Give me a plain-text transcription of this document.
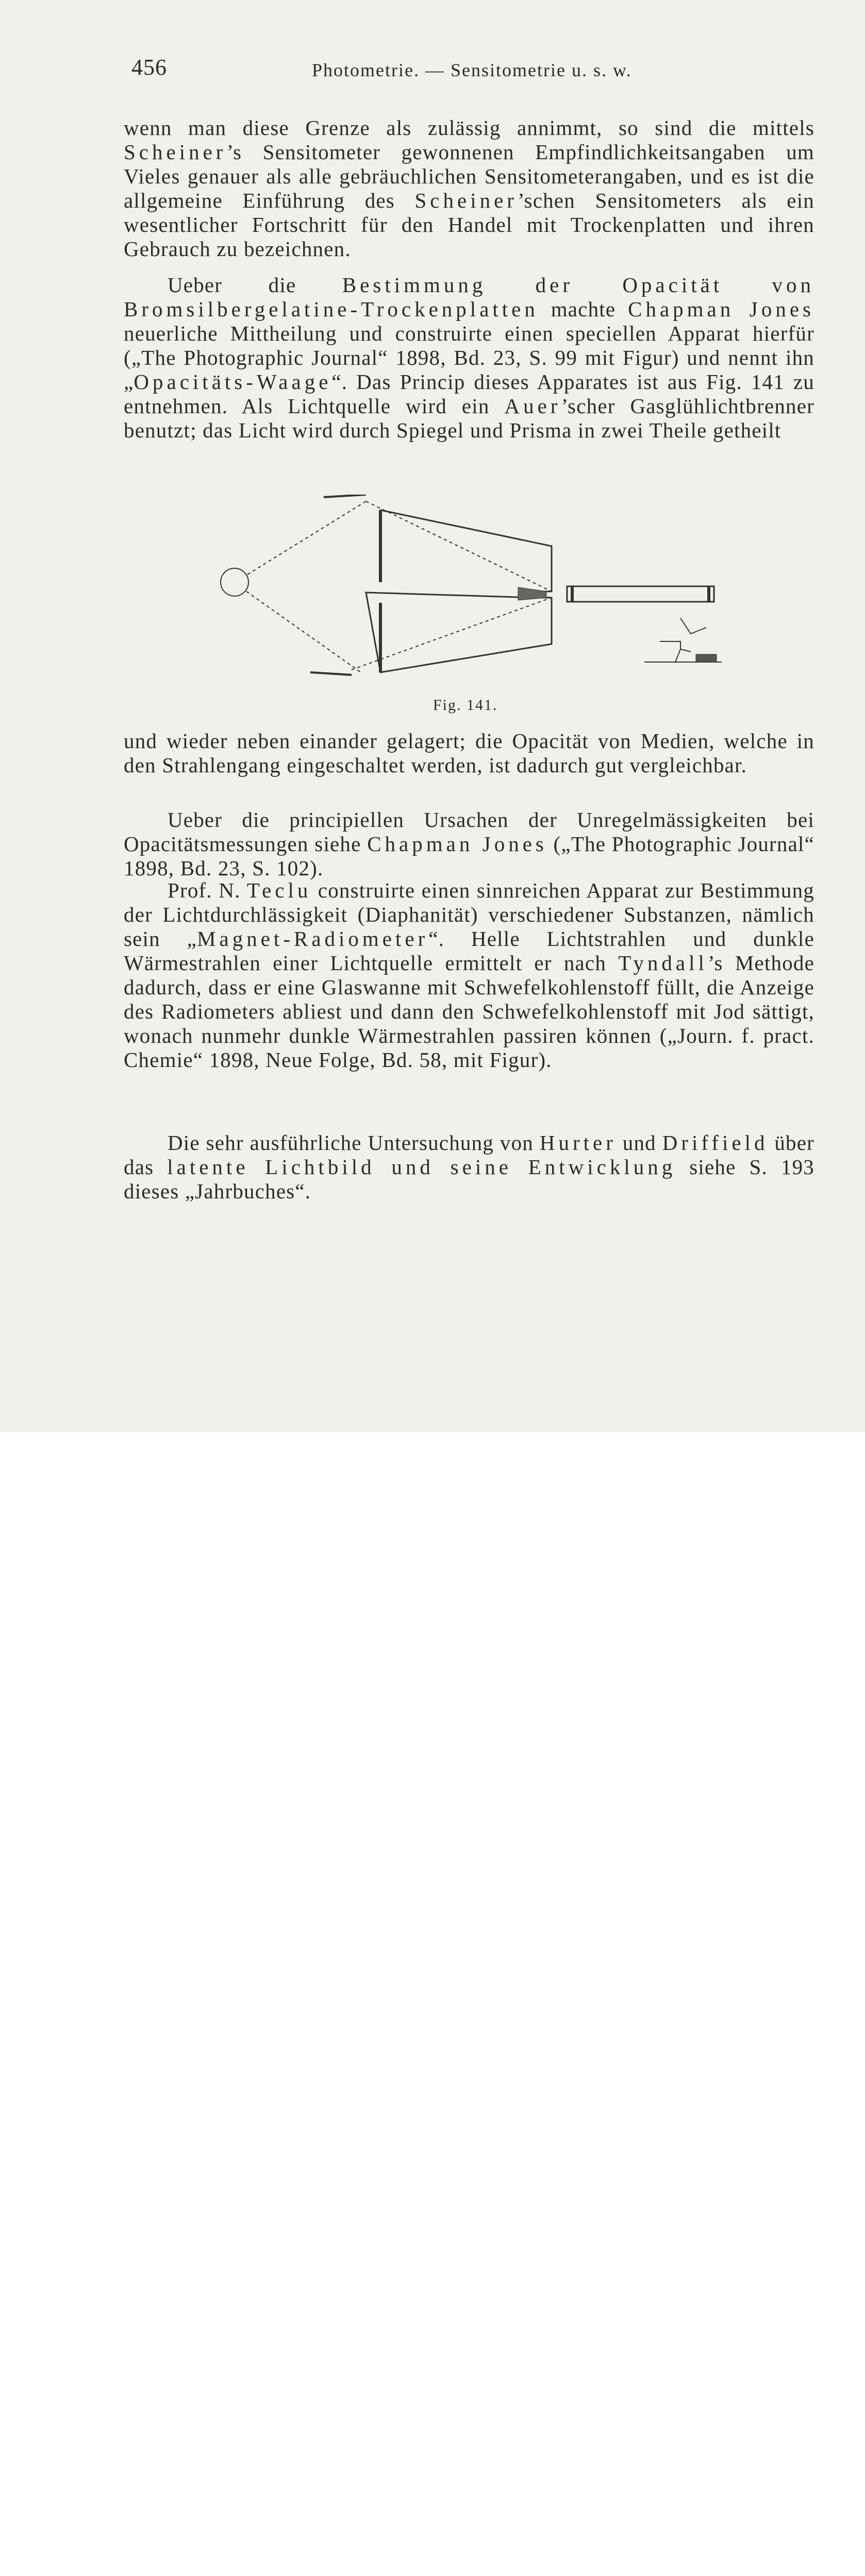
456	Photometrie. — Sensitometrie u. s. w.

wenn man diese Grenze als zulässig annimmt, so sind die mittels Scheiner’s Sensitometer gewonnenen Empfindlichkeitsangaben um Vieles genauer als alle gebräuchlichen Sensitometerangaben, und es ist die allgemeine Einführung des Scheiner’schen Sensitometers als ein wesentlicher Fortschritt für den Handel mit Trockenplatten und ihren Gebrauch zu bezeichnen.

Ueber die Bestimmung der Opacität von Bromsilbergelatine-Trockenplatten machte Chapman Jones neuerliche Mittheilung und construirte einen speciellen Apparat hierfür („The Photographic Journal“ 1898, Bd. 23, S. 99 mit Figur) und nennt ihn „Opacitäts-Waage“. Das Princip dieses Apparates ist aus Fig. 141 zu entnehmen. Als Lichtquelle wird ein Auer’scher Gasglühlichtbrenner benutzt; das Licht wird durch Spiegel und Prisma in zwei Theile getheilt

Fig. 141.

und wieder neben einander gelagert; die Opacität von Medien, welche in den Strahlengang eingeschaltet werden, ist dadurch gut vergleichbar.

Ueber die principiellen Ursachen der Unregelmässigkeiten bei Opacitätsmessungen siehe Chapman Jones („The Photographic Journal“ 1898, Bd. 23, S. 102).

Prof. N. Teclu construirte einen sinnreichen Apparat zur Bestimmung der Lichtdurchlässigkeit (Diaphanität) verschiedener Substanzen, nämlich sein „Magnet-Radiometer“. Helle Lichtstrahlen und dunkle Wärmestrahlen einer Lichtquelle ermittelt er nach Tyndall’s Methode dadurch, dass er eine Glaswanne mit Schwefelkohlenstoff füllt, die Anzeige des Radiometers abliest und dann den Schwefelkohlenstoff mit Jod sättigt, wonach nunmehr dunkle Wärmestrahlen passiren können („Journ. f. pract. Chemie“ 1898, Neue Folge, Bd. 58, mit Figur).

Die sehr ausführliche Untersuchung von Hurter und Driffield über das latente Lichtbild und seine Entwicklung siehe S. 193 dieses „Jahrbuches“.
